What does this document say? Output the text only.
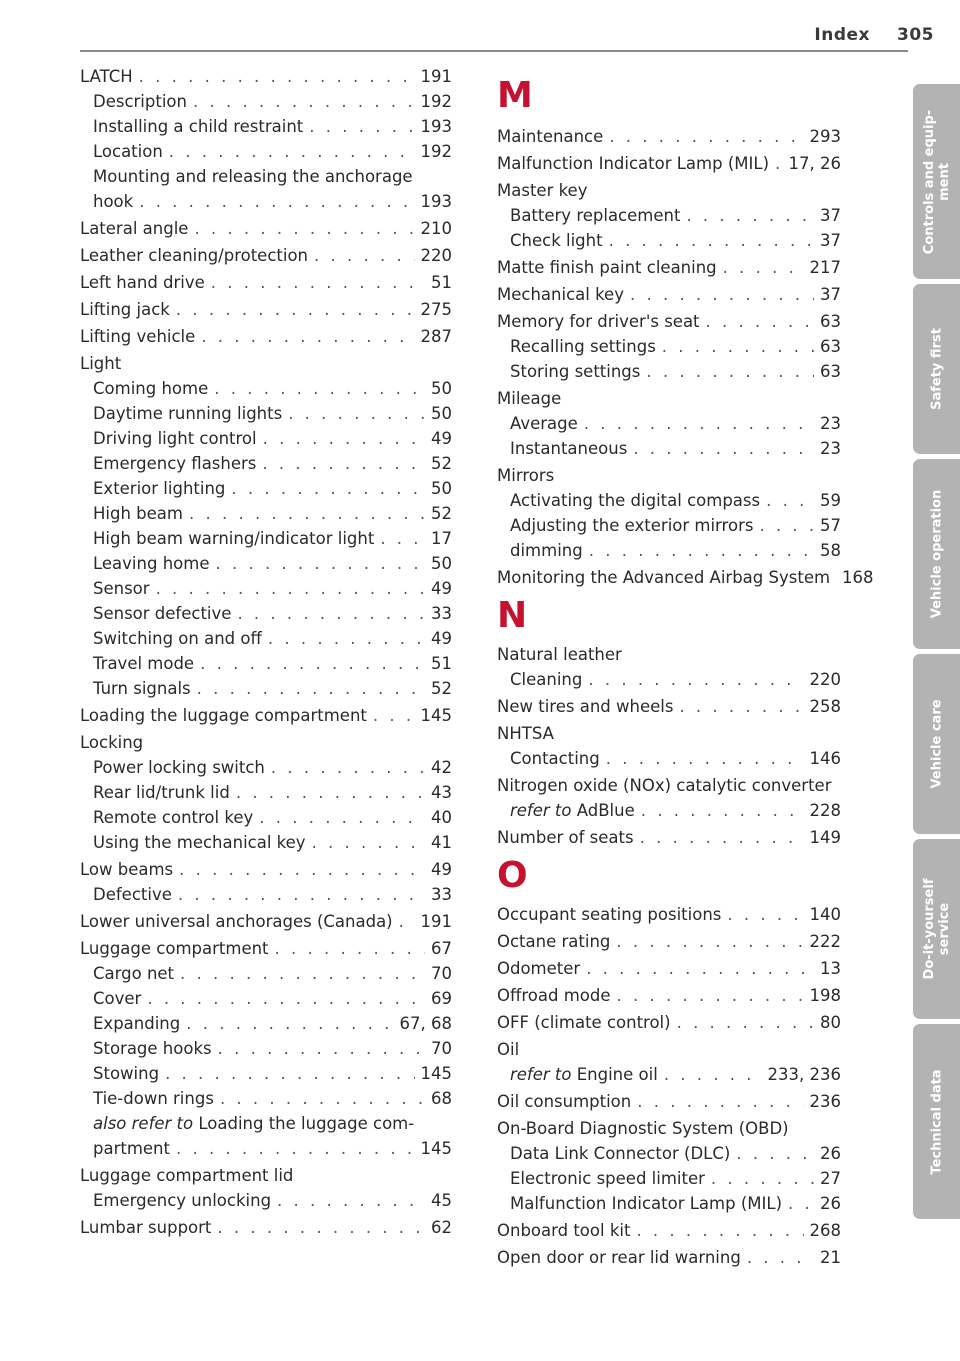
Index 305
LATCH . . .	191
Description . . .	192
Installing a child restraint . . .	193
Location . . .	192
Mounting and releasing the anchorage
hook . . .	193
Lateral angle . . .	210
Leather cleaning/protection . . .	220
Left hand drive . . .	51
Lifting jack . . .	275
Lifting vehicle . . .	287
Light
Coming home . . .	50
Daytime running lights . . .	50
Driving light control . . .	49
Emergency flashers . . .	52
Exterior lighting . . .	50
High beam . . .	52
High beam warning/indicator light . . .	17
Leaving home . . .	50
Sensor . . .	49
Sensor defective . . .	33
Switching on and off . . .	49
Travel mode . . .	51
Turn signals . . .	52
Loading the luggage compartment . . .	145
Locking
Power locking switch . . .	42
Rear lid/trunk lid . . .	43
Remote control key . . .	40
Using the mechanical key . . .	41
Low beams . . .	49
Defective . . .	33
Lower universal anchorages (Canada) . . . 191
Luggage compartment . . .	67
Cargo net . . .	70
Cover . . .	69
Expanding . . .	67, 68
Storage hooks . . .	70
Stowing . . .	145
Tie-down rings . . .	68
also refer to Loading the luggage com-
partment . . .	145
Luggage compartment lid
Emergency unlocking . . .	45
Lumbar support . . .	62
M
Maintenance . . .	293
Malfunction Indicator Lamp (MIL) . . . 17, 26
Master key
Battery replacement . . .	37
Check light . . .	37
Matte finish paint cleaning . . .	217
Mechanical key . . .	37
Memory for driver's seat . . .	63
Recalling settings . . .	63
Storing settings . . .	63
Mileage
Average . . .	23
Instantaneous . . .	23
Mirrors
Activating the digital compass . . .	59
Adjusting the exterior mirrors . . .	57
dimming . . .	58
Monitoring the Advanced Airbag System 168
N
Natural leather
Cleaning . . .	220
New tires and wheels . . .	258
NHTSA
Contacting . . .	146
Nitrogen oxide (NOx) catalytic converter
refer to AdBlue . . .	228
Number of seats . . .	149
O
Occupant seating positions . . .	140
Octane rating . . .	222
Odometer . . .	13
Offroad mode . . .	198
OFF (climate control) . . .	80
Oil
refer to Engine oil . . .	233, 236
Oil consumption . . .	236
On-Board Diagnostic System (OBD)
Data Link Connector (DLC) . . .	26
Electronic speed limiter . . .	27
Malfunction Indicator Lamp (MIL) . . . 26
Onboard tool kit . . .	268
Open door or rear lid warning . . .	21
Controls and equip- ment
Safety first
Vehicle operation
Vehicle care
Do-it-yourself service
Technical data
